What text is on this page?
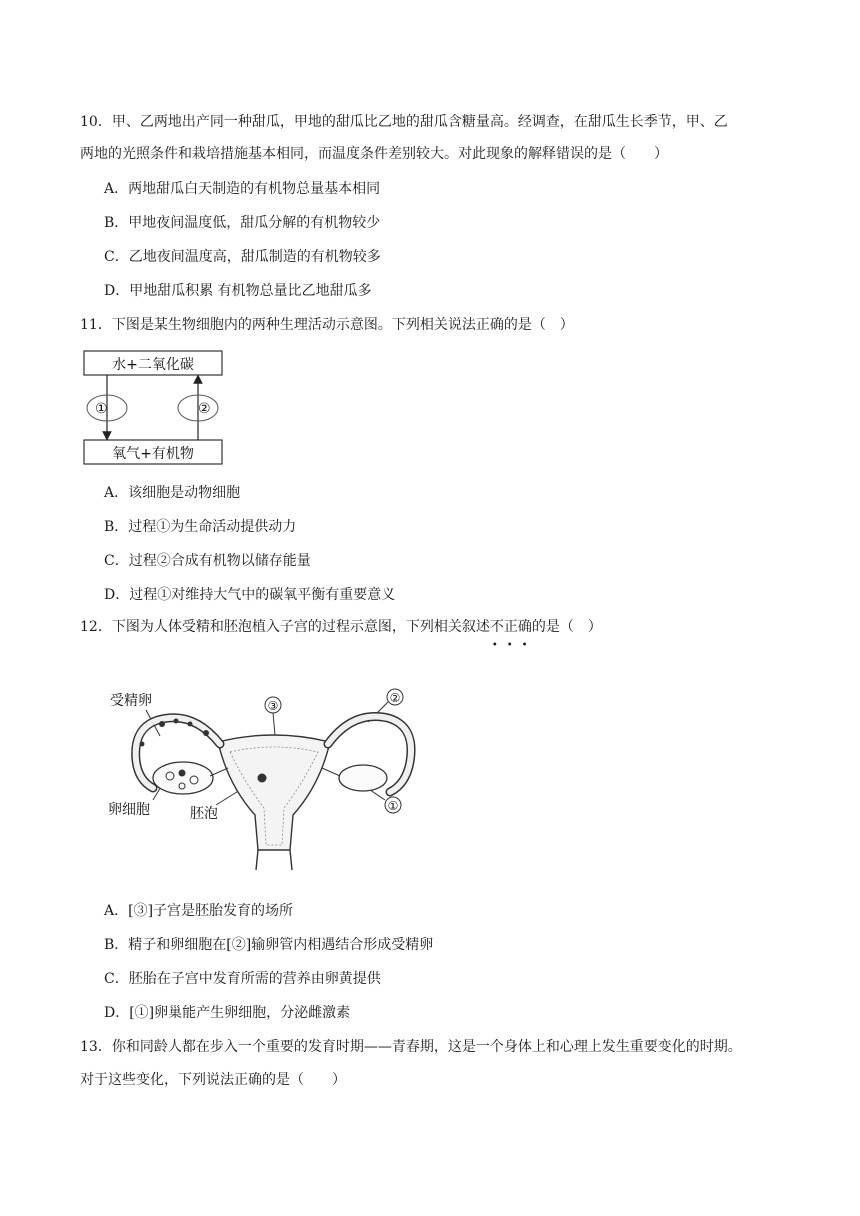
10．甲、乙两地出产同一种甜瓜，甲地的甜瓜比乙地的甜瓜含糖量高。经调查，在甜瓜生长季节，甲、乙
两地的光照条件和栽培措施基本相同，而温度条件差别较大。对此现象的解释错误的是（　　）
A．两地甜瓜白天制造的有机物总量基本相同
B．甲地夜间温度低，甜瓜分解的有机物较少
C．乙地夜间温度高，甜瓜制造的有机物较多
D．甲地甜瓜积累 有机物总量比乙地甜瓜多
11．下图是某生物细胞内的两种生理活动示意图。下列相关说法正确的是（　）
水+二氧化碳
氧气+有机物
①	②
A．该细胞是动物细胞
B．过程①为生命活动提供动力
C．过程②合成有机物以储存能量
D．过程①对维持大气中的碳氧平衡有重要意义
12．下图为人体受精和胚泡植入子宫的过程示意图，下列相关叙述不正确
•••
的是（　）
受精卵
卵细胞	胚泡
③
②
①
A．[③]子宫是胚胎发育的场所
B．精子和卵细胞在[②]输卵管内相遇结合形成受精卵
C．胚胎在子宫中发育所需的营养由卵黄提供
D．[①]卵巢能产生卵细胞，分泌雌激素
13．你和同龄人都在步入一个重要的发育时期——青春期，这是一个身体上和心理上发生重要变化的时期。
对于这些变化，下列说法正确的是（　　）
